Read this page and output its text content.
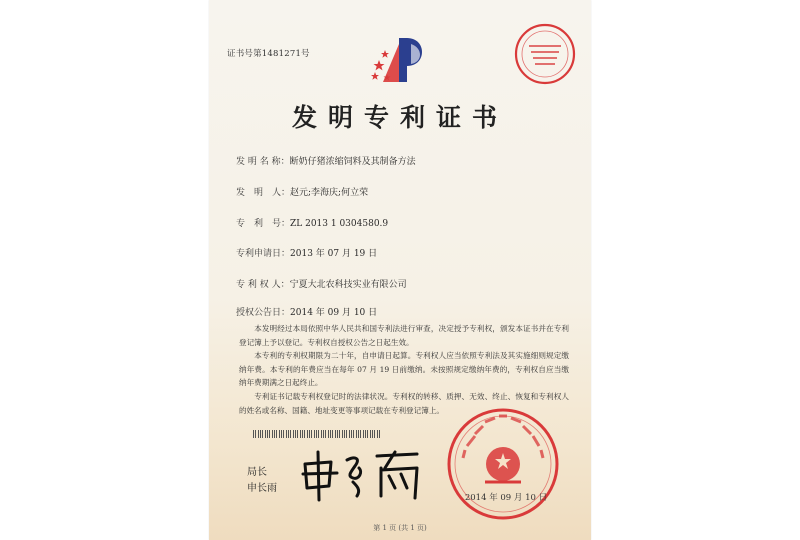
证书号第1481271号
发明专利证书
发 明 名 称：断奶仔猪浓缩饲料及其制备方法
发　明　人：赵元;李海庆;何立荣
专　利　号：ZL 2013 1 0304580.9
专利申请日：2013 年 07 月 19 日
专 利 权 人：宁夏大北农科技实业有限公司
授权公告日：2014 年 09 月 10 日

本发明经过本局依照中华人民共和国专利法进行审查，决定授予专利权，颁发本证书并在专利登记簿上予以登记。专利权自授权公告之日起生效。

本专利的专利权期限为二十年，自申请日起算。专利权人应当依照专利法及其实施细则规定缴纳年费。本专利的年费应当在每年 07 月 19 日前缴纳。未按照规定缴纳年费的，专利权自应当缴纳年费期满之日起终止。

专利证书记载专利权登记时的法律状况。专利权的转移、质押、无效、终止、恢复和专利权人的姓名或名称、国籍、地址变更等事项记载在专利登记簿上。

局长
申长雨
2014 年 09 月 10 日
第 1 页 (共 1 页)
